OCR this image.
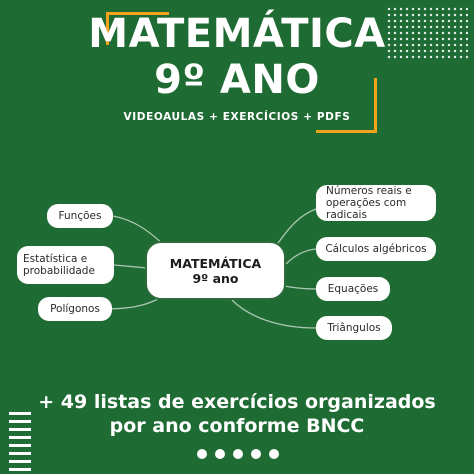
MATEMÁTICA
9º ANO
VIDEOAULAS + EXERCÍCIOS + PDFS
Funções
Estatística e probabilidade
Polígonos
MATEMÁTICA
9º ano
Números reais e operações com radicais
Cálculos algébricos
Equações
Triângulos
+ 49 listas de exercícios organizados
por ano conforme BNCC
